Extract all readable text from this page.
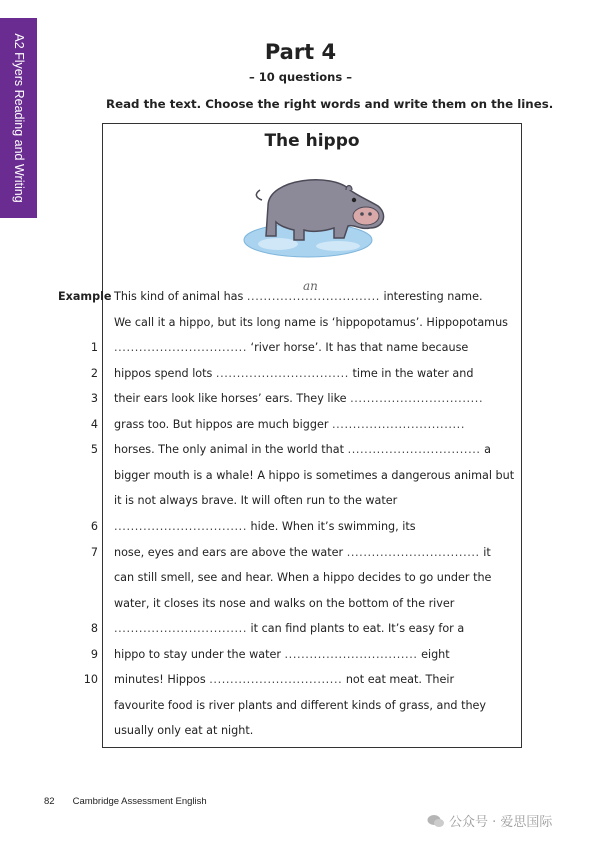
A2 Flyers Reading and Writing	Part 4
– 10 questions –
Read the text. Choose the right words and write them on the lines.
The hippo
an
Example This kind of animal has ................................ interesting name.
We call it a hippo, but its long name is ‘hippopotamus’. Hippopotamus
1 ................................ ‘river horse’. It has that name because
2 hippos spend lots ................................ time in the water and
3 their ears look like horses’ ears. They like ................................
4 grass too. But hippos are much bigger ................................
5 horses. The only animal in the world that ................................ a
bigger mouth is a whale! A hippo is sometimes a dangerous animal but
it is not always brave. It will often run to the water
6 ................................ hide. When it’s swimming, its
7 nose, eyes and ears are above the water ................................ it
can still smell, see and hear. When a hippo decides to go under the
water, it closes its nose and walks on the bottom of the river
8 ................................ it can find plants to eat. It’s easy for a
9 hippo to stay under the water ................................ eight
10 minutes! Hippos ................................ not eat meat. Their
favourite food is river plants and different kinds of grass, and they
usually only eat at night.
82 Cambridge Assessment English
公众号 · 爱思国际
